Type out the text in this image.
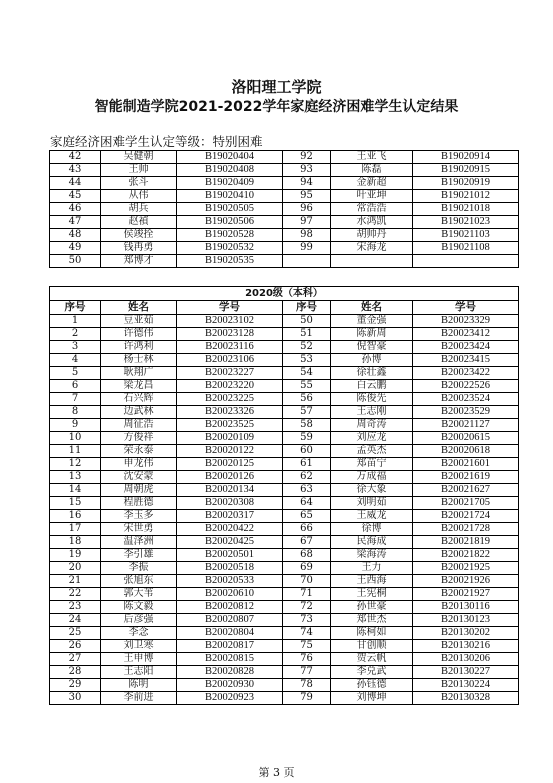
洛阳理工学院
智能制造学院2021-2022学年家庭经济困难学生认定结果
家庭经济困难学生认定等级：特别困难
42	吴健朝	B19020404	92	王亚飞	B19020914
43	王帅	B19020408	93	陈磊	B19020915
44	张斗	B19020409	94	金新超	B19020919
45	从伟	B19020410	95	叶亚坤	B19021012
46	胡兵	B19020505	96	常浩浩	B19021018
47	赵禎	B19020506	97	水鸿凯	B19021023
48	侯竣拴	B19020528	98	胡帅丹	B19021103
49	钱再勇	B19020532	99	宋海龙	B19021108
50	郑博才	B19020535			
2020级（本科）					
序号	姓名	学号	序号	姓名	学号
1	豆亚茹	B20023102	50	董金强	B20023329
2	许德伟	B20023128	51	陈新周	B20023412
3	许鸿利	B20023116	52	倪智豪	B20023424
4	杨士林	B20023106	53	孙博	B20023415
5	耿翔广	B20023227	54	徐壮鑫	B20023422
6	梁龙昌	B20023220	55	白云鹏	B20022526
7	石兴辉	B20023225	56	陈俊先	B20023524
8	边武林	B20023326	57	王志刚	B20023529
9	周征浩	B20023525	58	周奇涛	B20021127
10	方俊祥	B20020109	59	刘应龙	B20020615
11	荣永泰	B20020122	60	孟英杰	B20020618
12	申龙伟	B20020125	61	郑苗宁	B20021601
13	沈安蒙	B20020126	62	万成福	B20021619
14	周朝虎	B20020134	63	徐大象	B20021627
15	程胜德	B20020308	64	刘明茹	B20021705
16	李玉多	B20020317	65	王威龙	B20021724
17	宋世勇	B20020422	66	徐博	B20021728
18	温泽洲	B20020425	67	民海成	B20021819
19	李引雄	B20020501	68	梁海涛	B20021822
20	李振	B20020518	69	王力	B20021925
21	张旭东	B20020533	70	王西海	B20021926
22	郭大苇	B20020610	71	王宪桐	B20021927
23	陈文毅	B20020812	72	孙世豪	B20130116
24	后彦强	B20020807	73	郑世杰	B20130123
25	李念	B20020804	74	陈柯如	B20130202
26	刘卫寒	B20020817	75	甘创顺	B20130216
27	王申博	B20020815	76	贺云帆	B20130206
28	王志阳	B20020828	77	李兑武	B20130227
29	陈明	B20020930	78	孙钰德	B20130224
30	李前进	B20020923	79	刘博坤	B20130328
第 3 页
